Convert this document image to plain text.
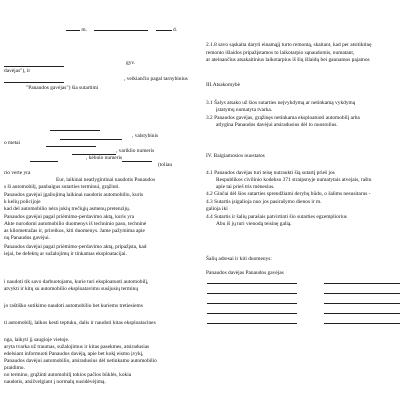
m.	d.
gyv.
davėjas"), ir
, veikiančio pagal tarnybinius
"Panaudos gavėjas") šia sutartimi
, valstybinis
o metai
, variklio numeris
, kėbulo numeris
(toliau
rio verte yra
Eur, laikinai neatlygintinai naudotis Panaudos
s ši automobilį, panbaigus sutarties terminui, grąžinti.
Panaudos gavėjui įgaliojimą laikinai naudotis automobiliu, kuris
k kelių policijoje
kad del automobilio nėra jokių trečiųjų asmenų pretenzijų.
Panaudos gavėjui pagal priėmimo-perdavimo aktą, kuris yra
Akte nurodomi automobilio duomenys iš techninio paso, techninė
as kilometražas ir, prireikus, kiti duomenys. Jame pažymima apie
nų Panaudos gavėjui.
Panaudos davėjui pagal priėmimo-perdavimo aktą, pripažįsta, kad
iejai, be defektų ar sužalojimų ir tinkamas eksploatacijai.
i naudoti tik savo darbuotojams, kurie turi eksploatuoti automobilį,
atvykti ir kitų su automobilio eksploatavimu susijusių terminų
jo raštiško sutikimo naudoti automobilio bet kuriems tretiesiems
ti automobilį, laikos kesti teptuku, dalis ir naudoti kitas eksploatacines
nga, laikyti jį saugioje vietoje.
aryta tvarka už traumas, sužalojimus ir kitas pasekmes, atsiradusias
edelsiant informuoti Panaudos davėją, apie bet kokį eismo įvykį,
Panaudos davėjui automobilio, atsiradusius dėl netinkamo automobilio
praidimo.
no termino, grąžinti automobilį tokios pačios būklės, kokia
naudotis, atsižvelgiant į normalų nusidėvėjimą.
2.1.8 savo sąskaita daryti einamąjį turto remontą, skaitant, kad per atsitiktinę
remonto išlaidos pripažįstamos to laikotarpio sąnaudomis, numatant,
ar ateinančius atsakaitinius laikotarpius iš šių išlaidų bei gaunamos pajamos
III.Atsakomybė
3.1 Šalys atsako už šios sutarties neįvykdymą ar netinkamą vykdymą
įstatymų numatyta tvarka.
3.2 Panaudos gavėjas, grąžinęs netinkama eksploatuoti automobilį arba
atlygina Panaudos davėjui atsiradusius dėl to nuostolius.
IV. Baigiamosios nuostatos
4.1 Panaudos davėjas turi teisę nutraukti šią sutartį prieš jos
Respublikos civilinio kodekso 371 straipsnyje numatytais atvejais, raštu
apie tai prieš tris mėnesius.
4.2 Ginčai dėl šios sutarties sprendžiami derybų būdu, o šalims nesusitarus -
4.3 Sutartis įsigalioja nuo jos pasirašymo dienos ir m.
galioja iki
4.4 Sutartis ir šalių parašais patvirtinti šio sutarties egzempliorius
Abu iš jų turi vienodą teisinę galią.
Šalių adresai ir kiti duomenys:
Panaudos davėjas Panaudos gavėjas
